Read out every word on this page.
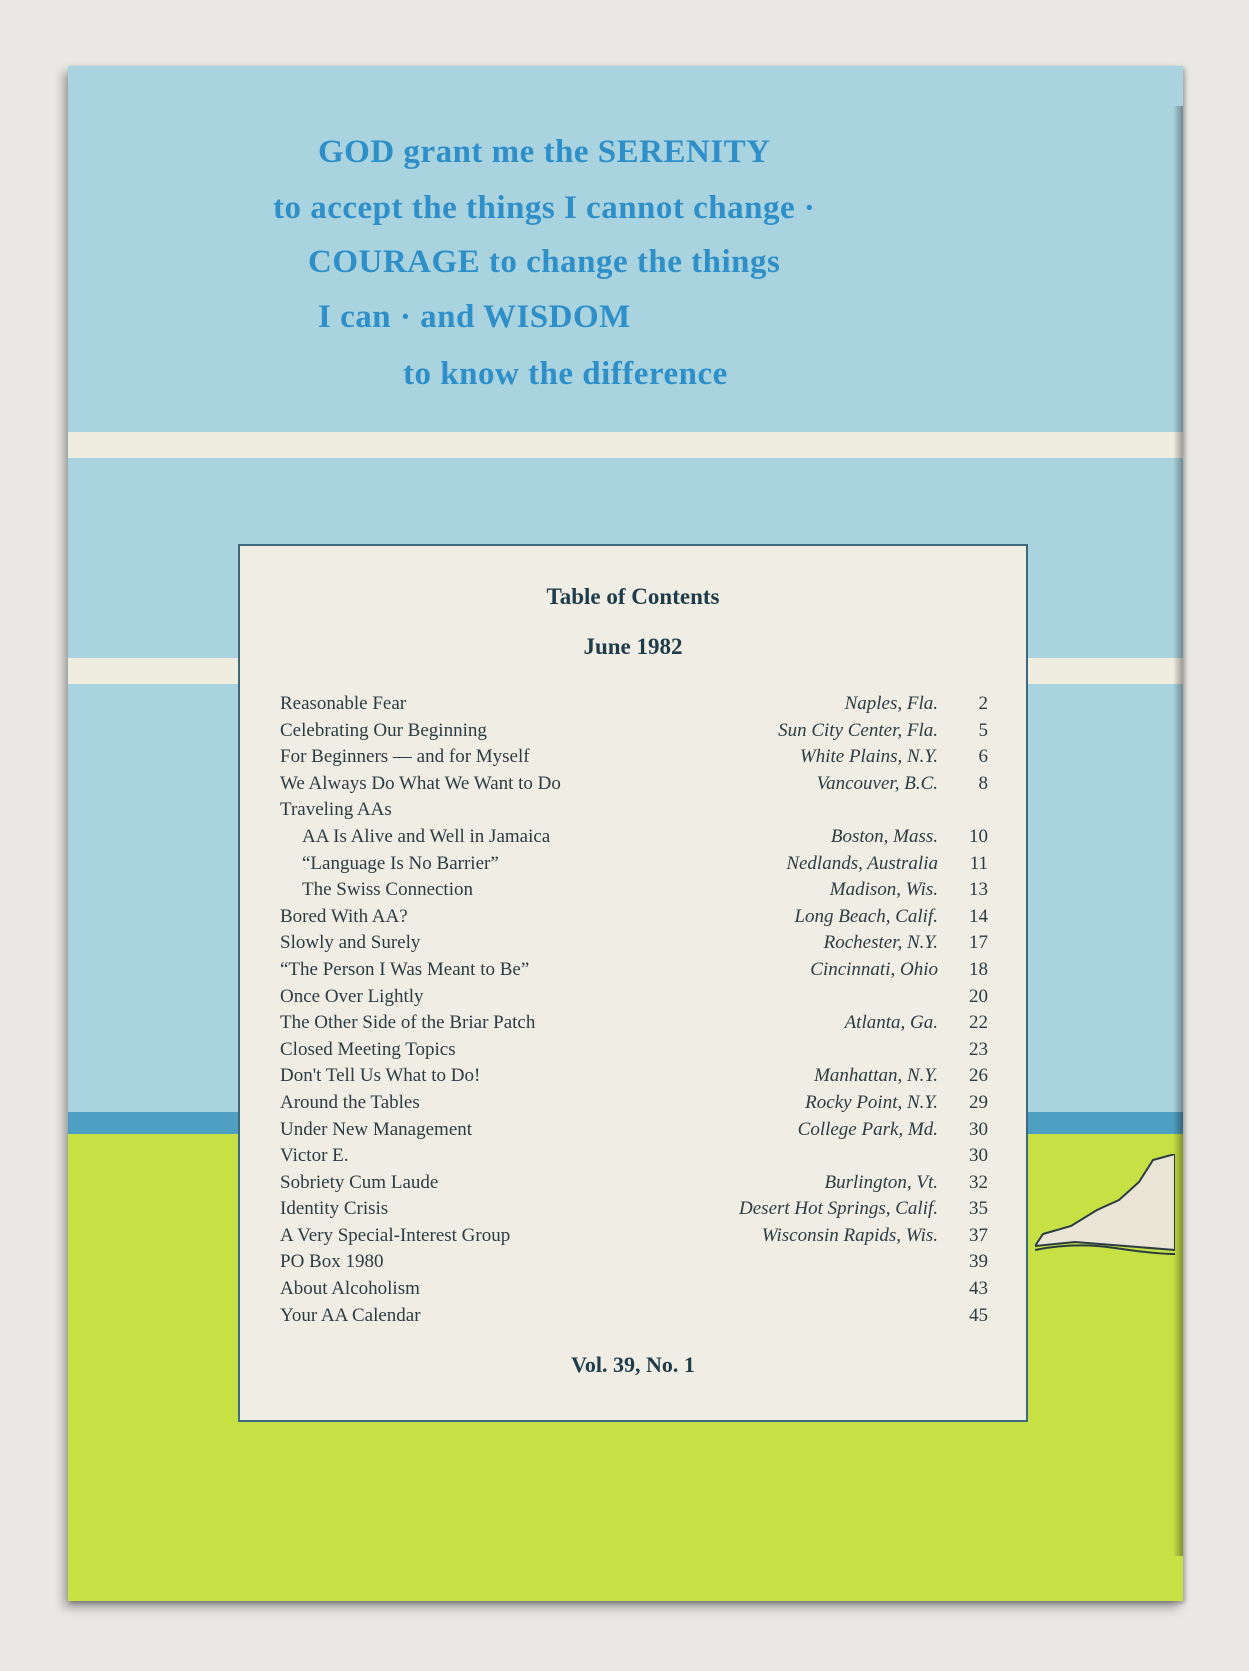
GOD grant me the SERENITY
to accept the things I cannot change ·
COURAGE to change the things
I can · and WISDOM
to know the difference
Table of Contents
June 1982
Reasonable Fear	Naples, Fla.	2
Celebrating Our Beginning	Sun City Center, Fla.	5
For Beginners — and for Myself	White Plains, N.Y.	6
We Always Do What We Want to Do	Vancouver, B.C.	8
Traveling AAs
AA Is Alive and Well in Jamaica	Boston, Mass.	10
“Language Is No Barrier”	Nedlands, Australia	11
The Swiss Connection	Madison, Wis.	13
Bored With AA?	Long Beach, Calif.	14
Slowly and Surely	Rochester, N.Y.	17
“The Person I Was Meant to Be”	Cincinnati, Ohio	18
Once Over Lightly	20
The Other Side of the Briar Patch	Atlanta, Ga.	22
Closed Meeting Topics	23
Don't Tell Us What to Do!	Manhattan, N.Y.	26
Around the Tables	Rocky Point, N.Y.	29
Under New Management	College Park, Md.	30
Victor E.	30
Sobriety Cum Laude	Burlington, Vt.	32
Identity Crisis	Desert Hot Springs, Calif.	35
A Very Special-Interest Group	Wisconsin Rapids, Wis.	37
PO Box 1980	39
About Alcoholism	43
Your AA Calendar	45
Vol. 39, No. 1
